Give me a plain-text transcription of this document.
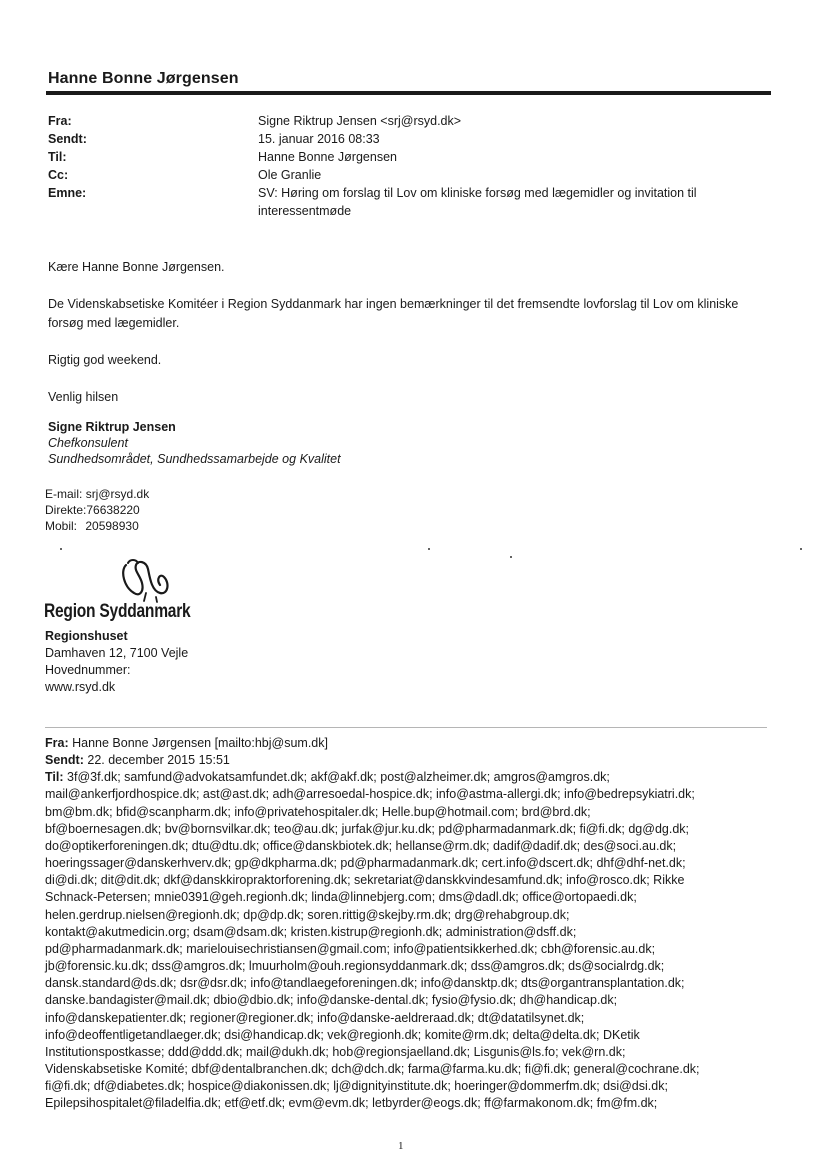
Hanne Bonne Jørgensen
Fra:	Signe Riktrup Jensen <srj@rsyd.dk>
Sendt:	15. januar 2016 08:33
Til:	Hanne Bonne Jørgensen
Cc:	Ole Granlie
Emne:	SV: Høring om forslag til Lov om kliniske forsøg med lægemidler og invitation til interessentmøde

Kære Hanne Bonne Jørgensen.

De Videnskabsetiske Komitéer i Region Syddanmark har ingen bemærkninger til det fremsendte lovforslag til Lov om kliniske forsøg med lægemidler.

Rigtig god weekend.

Venlig hilsen

Signe Riktrup Jensen
Chefkonsulent
Sundhedsområdet, Sundhedssamarbejde og Kvalitet
E-mail: srj@rsyd.dk
Direkte:76638220
Mobil: 20598930
Region Syddanmark
Regionshuset
Damhaven 12, 7100 Vejle
Hovednummer:
www.rsyd.dk
Fra: Hanne Bonne Jørgensen [mailto:hbj@sum.dk]
Sendt: 22. december 2015 15:51
Til: 3f@3f.dk; samfund@advokatsamfundet.dk; akf@akf.dk; post@alzheimer.dk; amgros@amgros.dk;
mail@ankerfjordhospice.dk; ast@ast.dk; adh@arresoedal-hospice.dk; info@astma-allergi.dk; info@bedrepsykiatri.dk;
bm@bm.dk; bfid@scanpharm.dk; info@privatehospitaler.dk; Helle.bup@hotmail.com; brd@brd.dk;
bf@boernesagen.dk; bv@bornsvilkar.dk; teo@au.dk; jurfak@jur.ku.dk; pd@pharmadanmark.dk; fi@fi.dk; dg@dg.dk;
do@optikerforeningen.dk; dtu@dtu.dk; office@danskbiotek.dk; hellanse@rm.dk; dadif@dadif.dk; des@soci.au.dk;
hoeringssager@danskerhverv.dk; gp@dkpharma.dk; pd@pharmadanmark.dk; cert.info@dscert.dk; dhf@dhf-net.dk;
di@di.dk; dit@dit.dk; dkf@danskkiropraktorforening.dk; sekretariat@danskkvindesamfund.dk; info@rosco.dk; Rikke
Schnack-Petersen; mnie0391@geh.regionh.dk; linda@linnebjerg.com; dms@dadl.dk; office@ortopaedi.dk;
helen.gerdrup.nielsen@regionh.dk; dp@dp.dk; soren.rittig@skejby.rm.dk; drg@rehabgroup.dk;
kontakt@akutmedicin.org; dsam@dsam.dk; kristen.kistrup@regionh.dk; administration@dsff.dk;
pd@pharmadanmark.dk; marielouisechristiansen@gmail.com; info@patientsikkerhed.dk; cbh@forensic.au.dk;
jb@forensic.ku.dk; dss@amgros.dk; lmuurholm@ouh.regionsyddanmark.dk; dss@amgros.dk; ds@socialrdg.dk;
dansk.standard@ds.dk; dsr@dsr.dk; info@tandlaegeforeningen.dk; info@dansktp.dk; dts@organtransplantation.dk;
danske.bandagister@mail.dk; dbio@dbio.dk; info@danske-dental.dk; fysio@fysio.dk; dh@handicap.dk;
info@danskepatienter.dk; regioner@regioner.dk; info@danske-aeldreraad.dk; dt@datatilsynet.dk;
info@deoffentligetandlaeger.dk; dsi@handicap.dk; vek@regionh.dk; komite@rm.dk; delta@delta.dk; DKetik
Institutionspostkasse; ddd@ddd.dk; mail@dukh.dk; hob@regionsjaelland.dk; Lisgunis@ls.fo; vek@rn.dk;
Videnskabsetiske Komité; dbf@dentalbranchen.dk; dch@dch.dk; farma@farma.ku.dk; fi@fi.dk; general@cochrane.dk;
fi@fi.dk; df@diabetes.dk; hospice@diakonissen.dk; lj@dignityinstitute.dk; hoeringer@dommerfm.dk; dsi@dsi.dk;
Epilepsihospitalet@filadelfia.dk; etf@etf.dk; evm@evm.dk; letbyrder@eogs.dk; ff@farmakonom.dk; fm@fm.dk;
1
